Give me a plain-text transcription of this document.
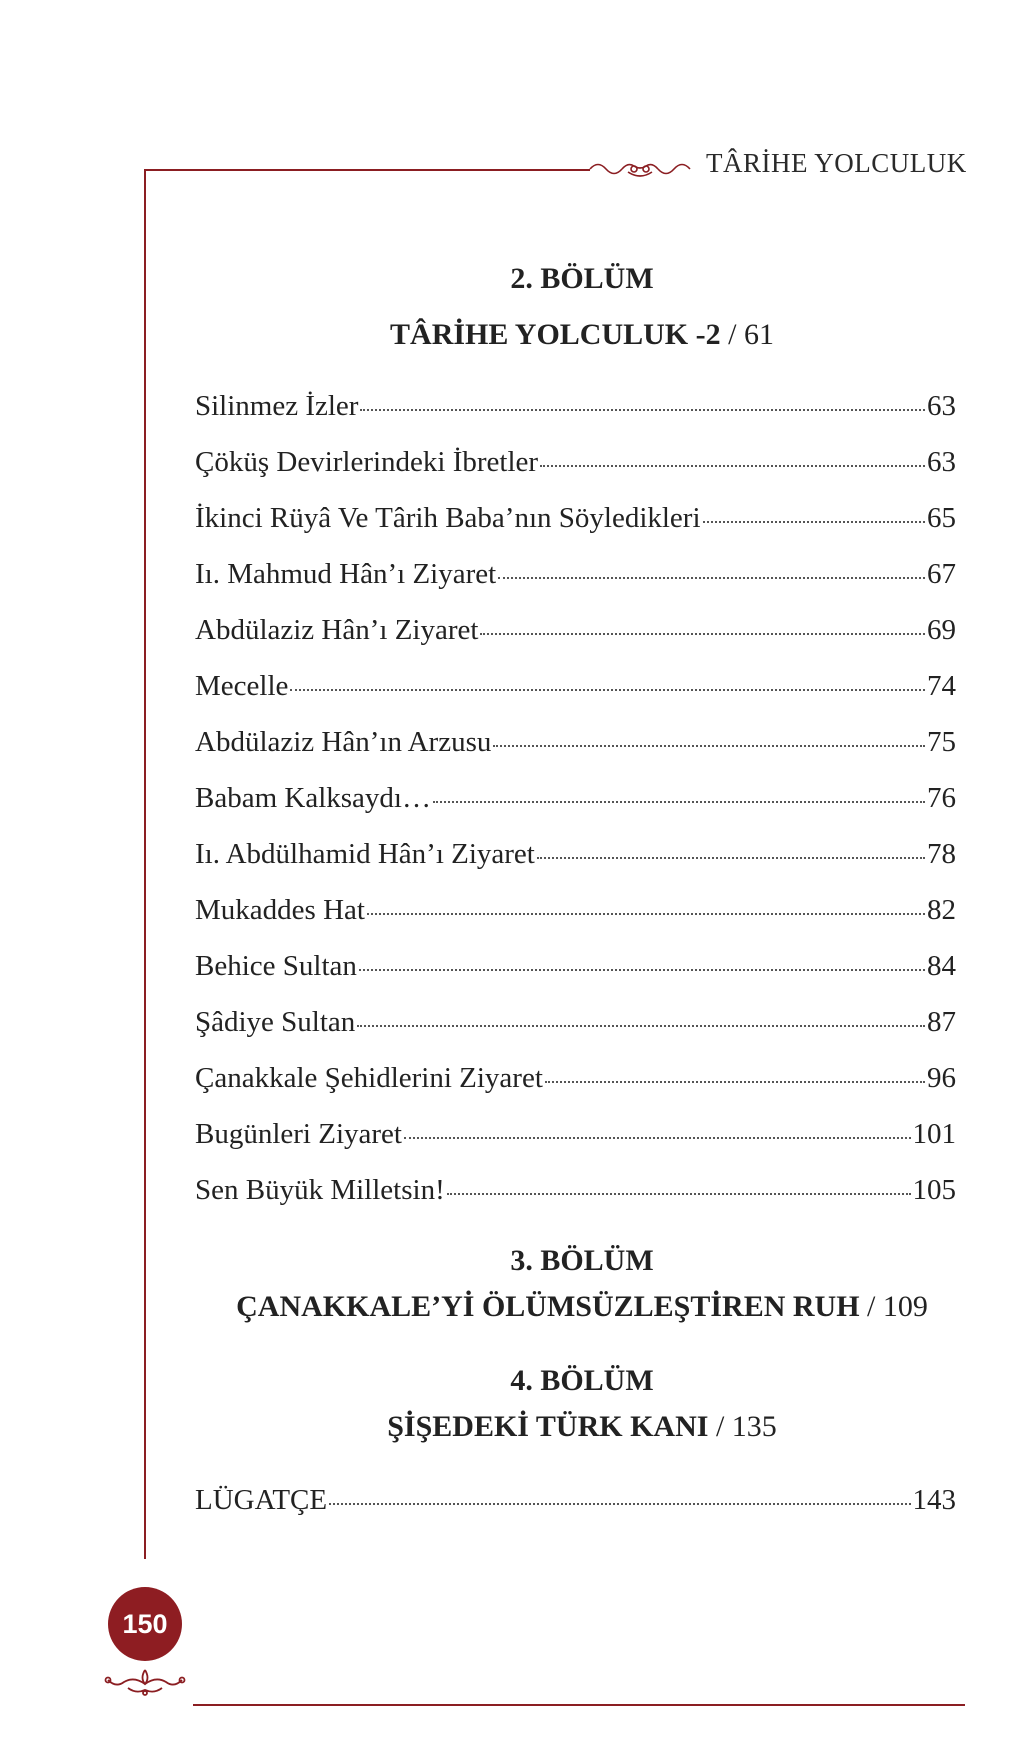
TÂRİHE YOLCULUK
2. BÖLÜM
TÂRİHE YOLCULUK -2 / 61
Silinmez İzler	63
Çöküş Devirlerindeki İbretler	63
İkinci Rüyâ Ve Târih Baba’nın Söyledikleri	65
Iı. Mahmud Hân’ı Ziyaret	67
Abdülaziz Hân’ı Ziyaret	69
Mecelle	74
Abdülaziz Hân’ın Arzusu	75
Babam Kalksaydı…	76
Iı. Abdülhamid Hân’ı Ziyaret	78
Mukaddes Hat	82
Behice Sultan	84
Şâdiye Sultan	87
Çanakkale Şehidlerini Ziyaret	96
Bugünleri Ziyaret	101
Sen Büyük Milletsin!	105
3. BÖLÜM
ÇANAKKALE’Yİ ÖLÜMSÜZLEŞTİREN RUH / 109
4. BÖLÜM
ŞİŞEDEKİ TÜRK KANI / 135
LÜGATÇE	143
150
